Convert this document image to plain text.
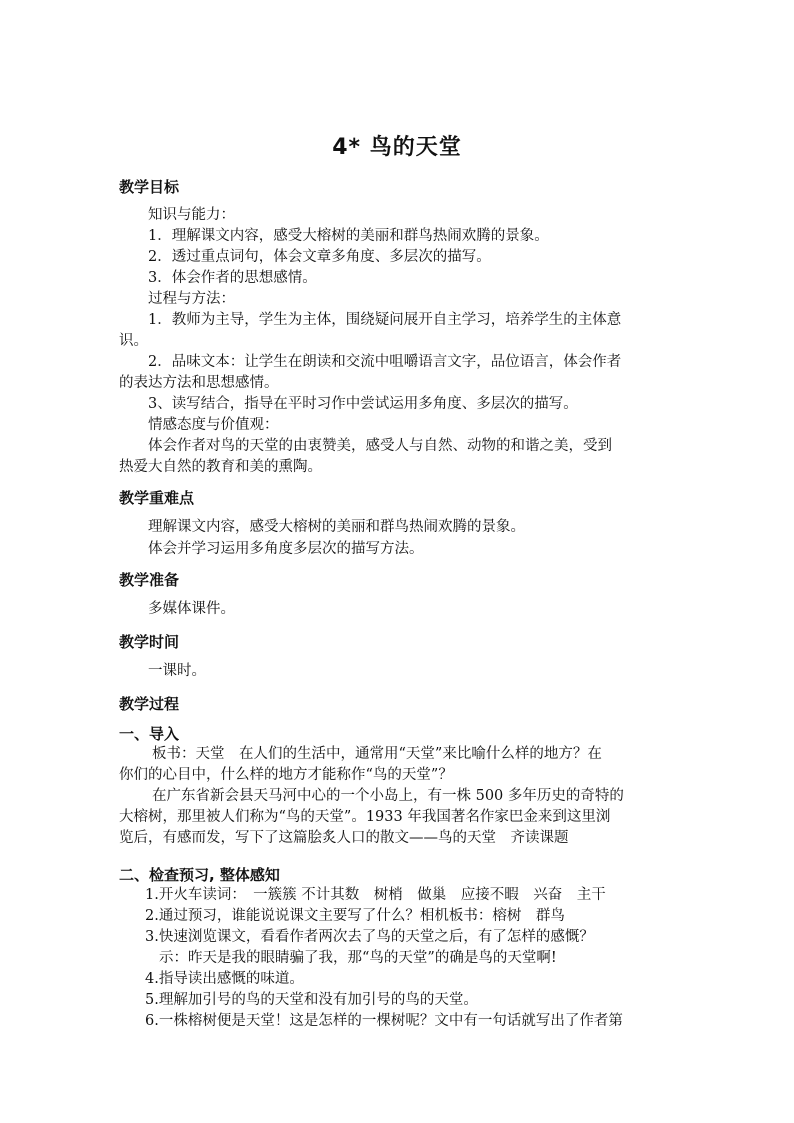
4* 鸟的天堂
教学目标
知识与能力：
1．理解课文内容，感受大榕树的美丽和群鸟热闹欢腾的景象。
2．透过重点词句，体会文章多角度、多层次的描写。
3．体会作者的思想感情。
过程与方法：
1．教师为主导，学生为主体，围绕疑问展开自主学习，培养学生的主体意
识。
2．品味文本：让学生在朗读和交流中咀嚼语言文字，品位语言，体会作者
的表达方法和思想感情。
3、读写结合，指导在平时习作中尝试运用多角度、多层次的描写。
情感态度与价值观：
体会作者对鸟的天堂的由衷赞美，感受人与自然、动物的和谐之美，受到
热爱大自然的教育和美的熏陶。
教学重难点
理解课文内容，感受大榕树的美丽和群鸟热闹欢腾的景象。
体会并学习运用多角度多层次的描写方法。
教学准备
多媒体课件。
教学时间
一课时。
教学过程
一、导入
板书：天堂　在人们的生活中，通常用“天堂”来比喻什么样的地方？在
你们的心目中，什么样的地方才能称作“鸟的天堂”？
在广东省新会县天马河中心的一个小岛上，有一株 500 多年历史的奇特的
大榕树，那里被人们称为“鸟的天堂”。1933 年我国著名作家巴金来到这里浏
览后，有感而发，写下了这篇脍炙人口的散文——鸟的天堂　齐读课题
二、检查预习, 整体感知
1.开火车读词：　一簇簇 不计其数　树梢　做巢　应接不暇　兴奋　主干
2.通过预习，谁能说说课文主要写了什么？相机板书：榕树　群鸟
3.快速浏览课文，看看作者两次去了鸟的天堂之后，有了怎样的感慨？
示：昨天是我的眼睛骗了我，那“鸟的天堂”的确是鸟的天堂啊!
4.指导读出感慨的味道。
5.理解加引号的鸟的天堂和没有加引号的鸟的天堂。
6.一株榕树便是天堂！这是怎样的一棵树呢？文中有一句话就写出了作者第
